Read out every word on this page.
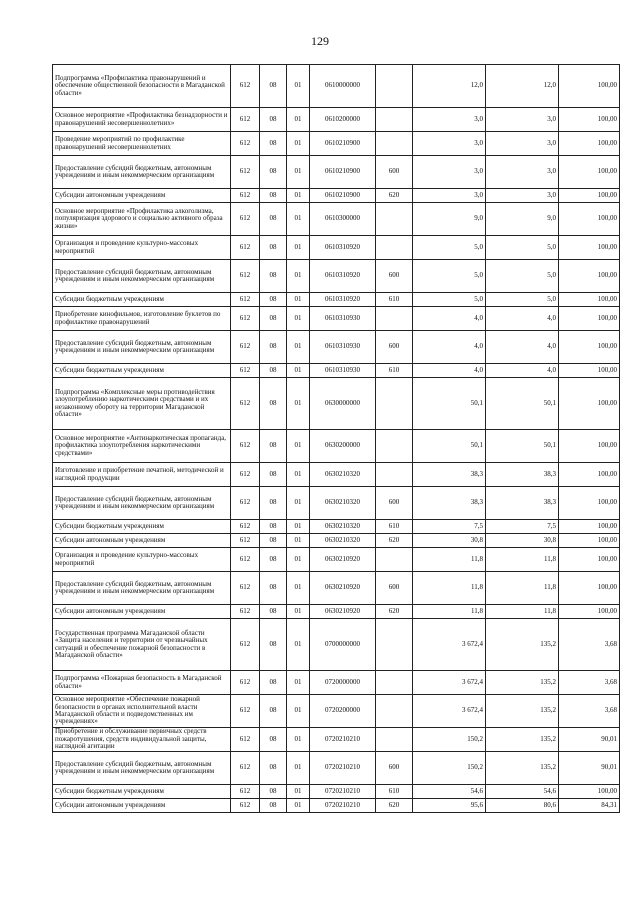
129
Подпрограмма «Профилактика правонарушений и обеспечение общественной безопасности в Магаданской области»	612	08	01	0610000000		12,0	12,0	100,00
Основное мероприятие «Профилактика безнадзорности и правонарушений несовершеннолетних»	612	08	01	0610200000		3,0	3,0	100,00
Проведение мероприятий по профилактике правонарушений несовершеннолетних	612	08	01	0610210900		3,0	3,0	100,00
Предоставление субсидий бюджетным, автономным учреждениям и иным некоммерческим организациям	612	08	01	0610210900	600	3,0	3,0	100,00
Субсидии автономным учреждениям	612	08	01	0610210900	620	3,0	3,0	100,00
Основное мероприятие «Профилактика алкоголизма, популяризация здорового и социально активного образа жизни»	612	08	01	0610300000		9,0	9,0	100,00
Организация и проведение культурно-массовых мероприятий	612	08	01	0610310920		5,0	5,0	100,00
Предоставление субсидий бюджетным, автономным учреждениям и иным некоммерческим организациям	612	08	01	0610310920	600	5,0	5,0	100,00
Субсидии бюджетным учреждениям	612	08	01	0610310920	610	5,0	5,0	100,00
Приобретение кинофильмов, изготовление буклетов по профилактике правонарушений	612	08	01	0610310930		4,0	4,0	100,00
Предоставление субсидий бюджетным, автономным учреждениям и иным некоммерческим организациям	612	08	01	0610310930	600	4,0	4,0	100,00
Субсидии бюджетным учреждениям	612	08	01	0610310930	610	4,0	4,0	100,00
Подпрограмма «Комплексные меры противодействия злоупотреблению наркотическими средствами и их незаконному обороту на территории Магаданской области»	612	08	01	0630000000		50,1	50,1	100,00
Основное мероприятие «Антинаркотическая пропаганда, профилактика злоупотребления наркотическими средствами»	612	08	01	0630200000		50,1	50,1	100,00
Изготовление и приобретение печатной, методической и наглядной продукции	612	08	01	0630210320		38,3	38,3	100,00
Предоставление субсидий бюджетным, автономным учреждениям и иным некоммерческим организациям	612	08	01	0630210320	600	38,3	38,3	100,00
Субсидии бюджетным учреждениям	612	08	01	0630210320	610	7,5	7,5	100,00
Субсидии автономным учреждениям	612	08	01	0630210320	620	30,8	30,8	100,00
Организация и проведение культурно-массовых мероприятий	612	08	01	0630210920		11,8	11,8	100,00
Предоставление субсидий бюджетным, автономным учреждениям и иным некоммерческим организациям	612	08	01	0630210920	600	11,8	11,8	100,00
Субсидии автономным учреждениям	612	08	01	0630210920	620	11,8	11,8	100,00
Государственная программа Магаданской области «Защита населения и территории от чрезвычайных ситуаций и обеспечение пожарной безопасности в Магаданской области»	612	08	01	0700000000		3 672,4	135,2	3,68
Подпрограмма «Пожарная безопасность в Магаданской области»	612	08	01	0720000000		3 672,4	135,2	3,68
Основное мероприятие «Обеспечение пожарной безопасности в органах исполнительной власти Магаданской области и подведомственных им учреждениях»	612	08	01	0720200000		3 672,4	135,2	3,68
Приобретение и обслуживание первичных средств пожаротушения, средств индивидуальной защиты, наглядной агитации	612	08	01	0720210210		150,2	135,2	90,01
Предоставление субсидий бюджетным, автономным учреждениям и иным некоммерческим организациям	612	08	01	0720210210	600	150,2	135,2	90,01
Субсидии бюджетным учреждениям	612	08	01	0720210210	610	54,6	54,6	100,00
Субсидии автономным учреждениям	612	08	01	0720210210	620	95,6	80,6	84,31
